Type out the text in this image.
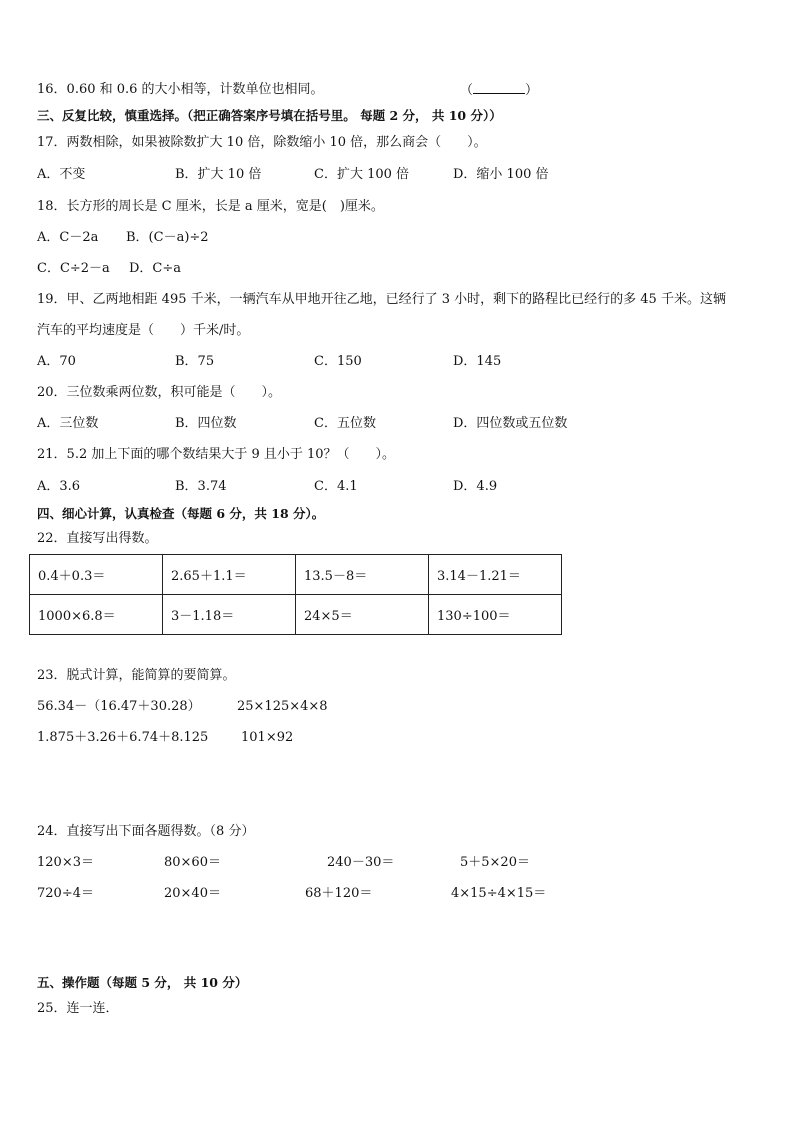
16．0.60 和 0.6 的大小相等，计数单位也相同。	（	）
三、反复比较，慎重选择。（把正确答案序号填在括号里。 每题 2 分， 共 10 分））
17．两数相除，如果被除数扩大 10 倍，除数缩小 10 倍，那么商会（　　）。
A．不变	B．扩大 10 倍	C．扩大 100 倍	D．缩小 100 倍
18．长方形的周长是 C 厘米，长是 a 厘米，宽是(　)厘米。
A．C－2a B．(C－a)÷2
C．C÷2－a D．C÷a
19．甲、乙两地相距 495 千米，一辆汽车从甲地开往乙地，已经行了 3 小时，剩下的路程比已经行的多 45 千米。这辆
汽车的平均速度是（　　）千米/时。
A．70	B．75	C．150	D．145
20．三位数乘两位数，积可能是（　　）。
A．三位数	B．四位数	C．五位数	D．四位数或五位数
21．5.2 加上下面的哪个数结果大于 9 且小于 10？（　　）。
A．3.6	B．3.74	C．4.1	D．4.9
四、细心计算，认真检查（每题 6 分，共 18 分）。
22．直接写出得数。
0.4＋0.3＝	2.65＋1.1＝	13.5－8＝	3.14－1.21＝
1000×6.8＝	3－1.18＝	24×5＝	130÷100＝
23．脱式计算，能简算的要简算。
56.34－（16.47＋30.28）	25×125×4×8
1.875＋3.26＋6.74＋8.125	101×92
24．直接写出下面各题得数。（8 分）
120×3＝	80×60＝	240－30＝	5＋5×20＝
720÷4＝	20×40＝	68＋120＝	4×15÷4×15＝
五、操作题（每题 5 分， 共 10 分）
25．连一连．
